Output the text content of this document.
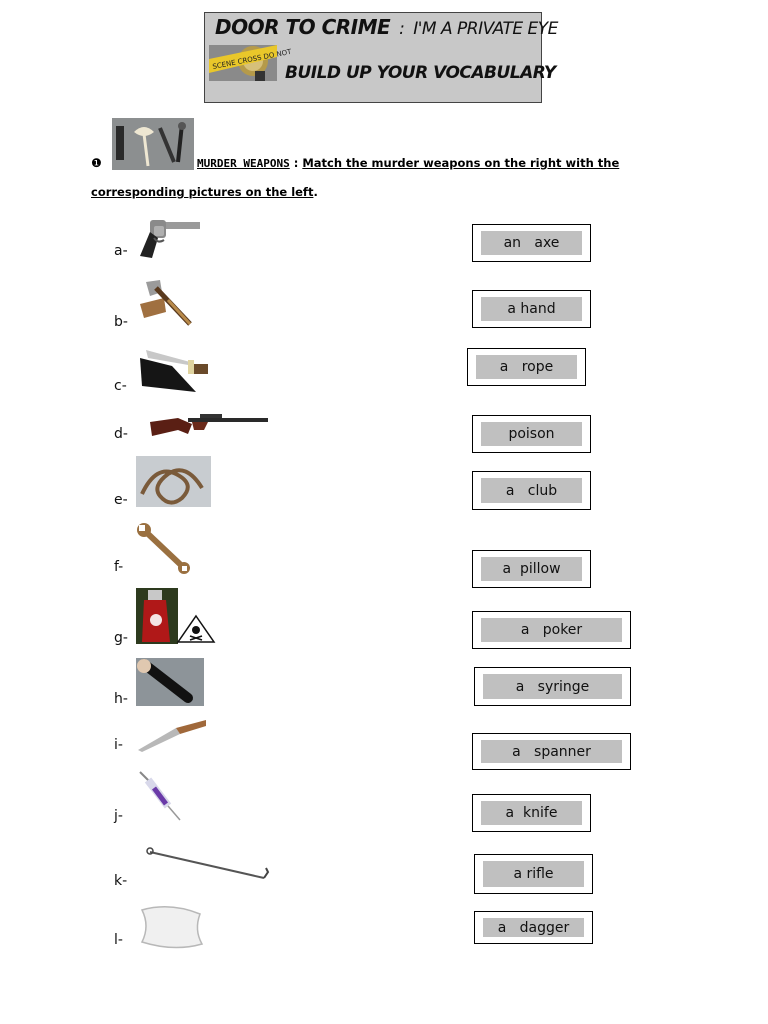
DOOR TO CRIME : I'M A PRIVATE EYE
SCENE CROSS DO NOT
BUILD UP YOUR VOCABULARY
❶	MURDER WEAPONS : Match the murder weapons on the right with the
corresponding pictures on the left.
a-
b-
c-
d-
e-
f-
g-
h-
i-
j-
k-
l-
an   axe
a hand
a   rope
poison
a   club
a  pillow
a   poker
a   syringe
a   spanner
a  knife
a rifle
a   dagger
